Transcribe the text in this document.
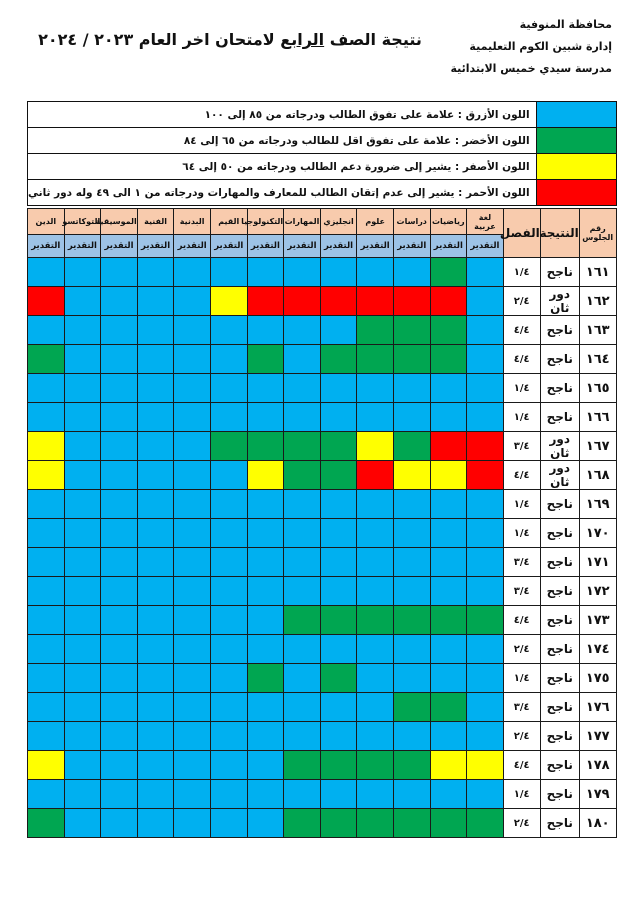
محافظة المنوفية
إدارة شبين الكوم التعليمية
مدرسة سيدي خميس الابتدائية
نتيجة الصف الرابع لامتحان اخر العام ٢٠٢٣ / ٢٠٢٤
اللون الأزرق : علامة على تفوق الطالب ودرجاته من ٨٥ إلى ١٠٠	
اللون الأخضر : علامة على تفوق اقل للطالب ودرجاته من ٦٥ إلى ٨٤	
اللون الأصفر : يشير إلى ضرورة دعم الطالب ودرجاته من ٥٠ إلى ٦٤	
اللون الأحمر : يشير إلى عدم إتقان الطالب للمعارف والمهارات ودرجاته من ١ الى ٤٩ وله دور ثاني	
الدين	التوكاتسو	الموسيقية	الفنية	البدنية	القيم	التكنولوجيا	المهارات	انجليزي	علوم	دراسات	رياضيات	لغة عربية	الفصل	النتيجة	رقم الجلوس
التقدير	التقدير	التقدير	التقدير	التقدير	التقدير	التقدير	التقدير	التقدير	التقدير	التقدير	التقدير	التقدير			
													١/٤	ناجح	١٦١
													٢/٤	دور ثان	١٦٢
													٤/٤	ناجح	١٦٣
													٤/٤	ناجح	١٦٤
													١/٤	ناجح	١٦٥
													١/٤	ناجح	١٦٦
													٣/٤	دور ثان	١٦٧
													٤/٤	دور ثان	١٦٨
													١/٤	ناجح	١٦٩
													١/٤	ناجح	١٧٠
													٣/٤	ناجح	١٧١
													٣/٤	ناجح	١٧٢
													٤/٤	ناجح	١٧٣
													٢/٤	ناجح	١٧٤
													١/٤	ناجح	١٧٥
													٣/٤	ناجح	١٧٦
													٢/٤	ناجح	١٧٧
													٤/٤	ناجح	١٧٨
													١/٤	ناجح	١٧٩
													٢/٤	ناجح	١٨٠
